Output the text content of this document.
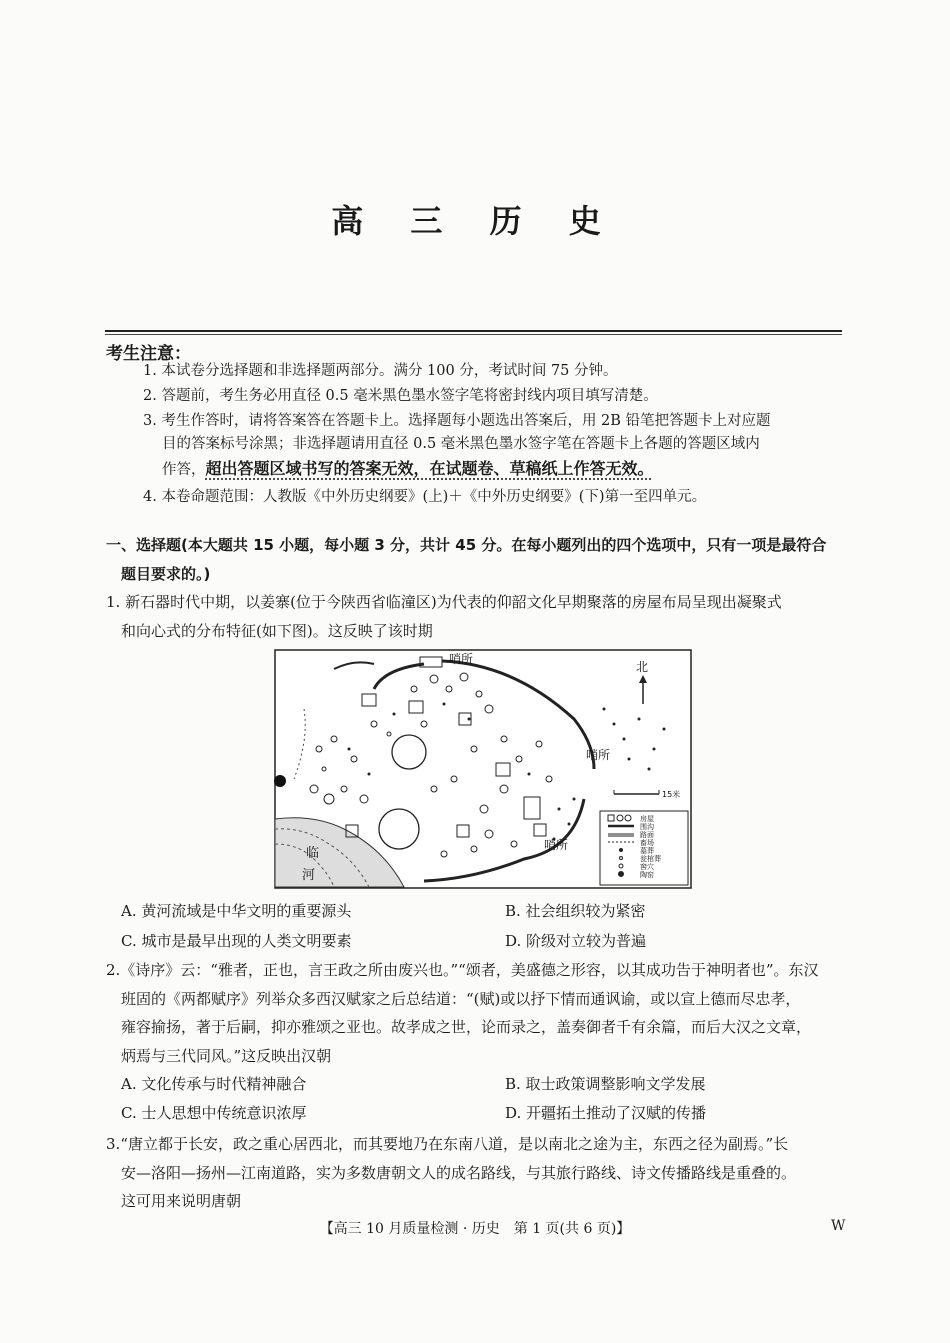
高 三 历 史
考生注意：
1. 本试卷分选择题和非选择题两部分。满分 100 分，考试时间 75 分钟。
2. 答题前，考生务必用直径 0.5 毫米黑色墨水签字笔将密封线内项目填写清楚。
3. 考生作答时，请将答案答在答题卡上。选择题每小题选出答案后，用 2B 铅笔把答题卡上对应题
目的答案标号涂黑；非选择题请用直径 0.5 毫米黑色墨水签字笔在答题卡上各题的答题区域内
作答，超出答题区域书写的答案无效，在试题卷、草稿纸上作答无效。
4. 本卷命题范围：人教版《中外历史纲要》(上)＋《中外历史纲要》(下)第一至四单元。
一、选择题(本大题共 15 小题，每小题 3 分，共计 45 分。在每小题列出的四个选项中，只有一项是最符合
题目要求的。)
1. 新石器时代中期，以姜寨(位于今陕西省临潼区)为代表的仰韶文化早期聚落的房屋布局呈现出凝聚式
和向心式的分布特征(如下图)。这反映了该时期
临
河
哨所
哨所
哨所
北
15米
房屋
围沟
路面
畜场
墓葬
瓮棺葬
窖穴
陶窑
A. 黄河流域是中华文明的重要源头	B. 社会组织较为紧密
C. 城市是最早出现的人类文明要素	D. 阶级对立较为普遍
2.《诗序》云：“雅者，正也，言王政之所由废兴也。”“颂者，美盛德之形容，以其成功告于神明者也”。东汉
班固的《两都赋序》列举众多西汉赋家之后总结道：“(赋)或以抒下情而通讽谕，或以宣上德而尽忠孝，
雍容揄扬，著于后嗣，抑亦雅颂之亚也。故孝成之世，论而录之，盖奏御者千有余篇，而后大汉之文章，
炳焉与三代同风。”这反映出汉朝
A. 文化传承与时代精神融合	B. 取士政策调整影响文学发展
C. 士人思想中传统意识浓厚	D. 开疆拓土推动了汉赋的传播
3.“唐立都于长安，政之重心居西北，而其要地乃在东南八道，是以南北之途为主，东西之径为副焉。”长
安—洛阳—扬州—江南道路，实为多数唐朝文人的成名路线，与其旅行路线、诗文传播路线是重叠的。
这可用来说明唐朝
【高三 10 月质量检测 · 历史　第 1 页(共 6 页)】	W
